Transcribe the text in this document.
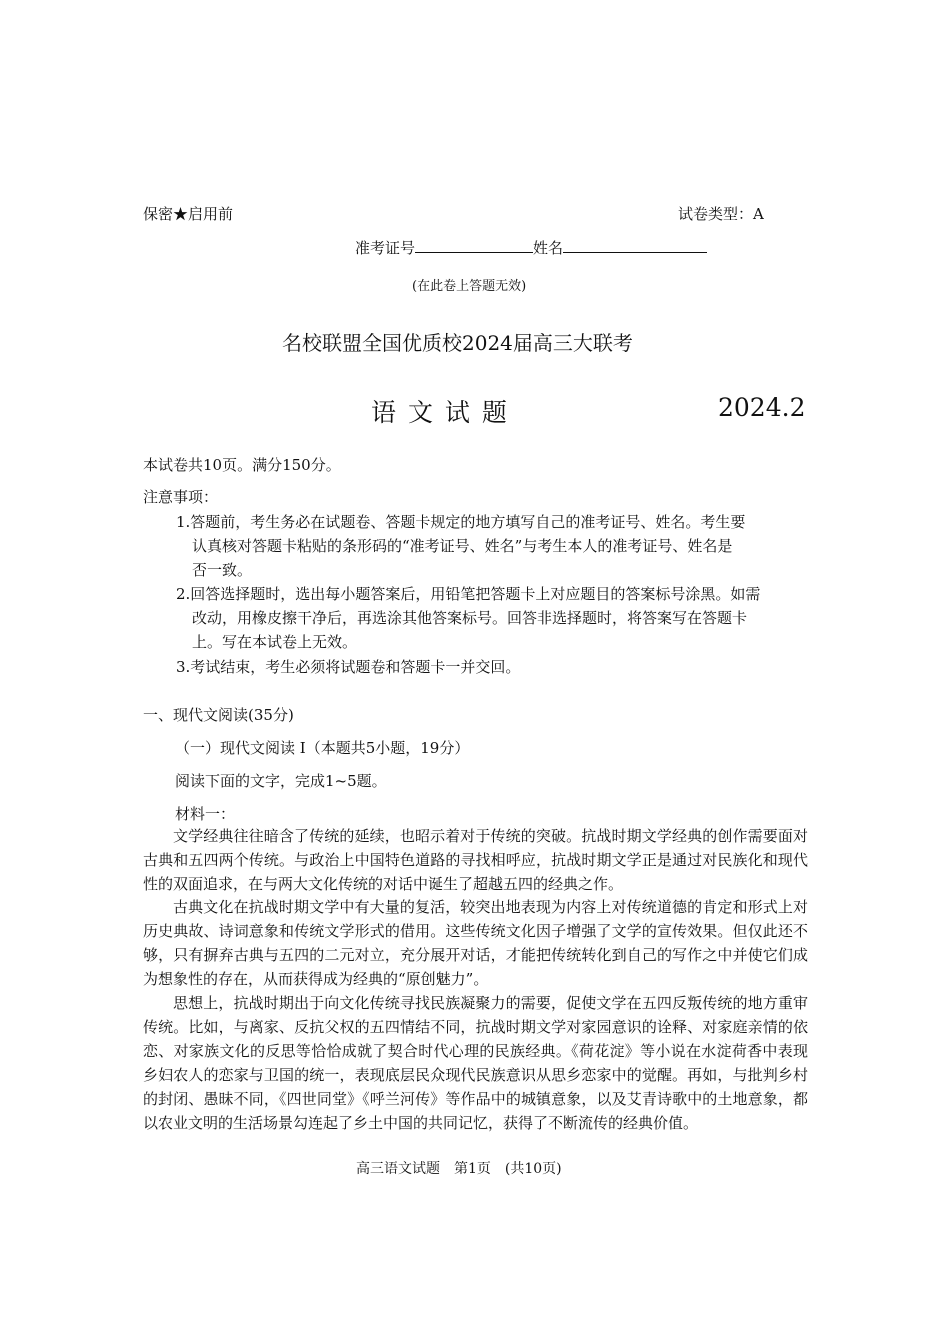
保密★启用前	试卷类型：A
准考证号	姓名
(在此卷上答题无效)
名校联盟全国优质校2024届高三大联考
语 文 试 题	2024.2
本试卷共10页。满分150分。
注意事项：
1.答题前，考生务必在试题卷、答题卡规定的地方填写自己的准考证号、姓名。考生要
认真核对答题卡粘贴的条形码的“准考证号、姓名”与考生本人的准考证号、姓名是
否一致。
2.回答选择题时，选出每小题答案后，用铅笔把答题卡上对应题目的答案标号涂黑。如需
改动，用橡皮擦干净后，再选涂其他答案标号。回答非选择题时，将答案写在答题卡
上。写在本试卷上无效。
3.考试结束，考生必须将试题卷和答题卡一并交回。
一、现代文阅读(35分)
（一）现代文阅读 Ⅰ（本题共5小题，19分）
阅读下面的文字，完成1~5题。
材料一：
文学经典往往暗含了传统的延续，也昭示着对于传统的突破。抗战时期文学经典的创作需要面对古典和五四两个传统。与政治上中国特色道路的寻找相呼应，抗战时期文学正是通过对民族化和现代性的双面追求，在与两大文化传统的对话中诞生了超越五四的经典之作。
古典文化在抗战时期文学中有大量的复活，较突出地表现为内容上对传统道德的肯定和形式上对历史典故、诗词意象和传统文学形式的借用。这些传统文化因子增强了文学的宣传效果。但仅此还不够，只有摒弃古典与五四的二元对立，充分展开对话，才能把传统转化到自己的写作之中并使它们成为想象性的存在，从而获得成为经典的“原创魅力”。
思想上，抗战时期出于向文化传统寻找民族凝聚力的需要，促使文学在五四反叛传统的地方重审传统。比如，与离家、反抗父权的五四情结不同，抗战时期文学对家园意识的诠释、对家庭亲情的依恋、对家族文化的反思等恰恰成就了契合时代心理的民族经典。《荷花淀》等小说在水淀荷香中表现乡妇农人的恋家与卫国的统一，表现底层民众现代民族意识从思乡恋家中的觉醒。再如，与批判乡村的封闭、愚昧不同，《四世同堂》《呼兰河传》等作品中的城镇意象，以及艾青诗歌中的土地意象，都以农业文明的生活场景勾连起了乡土中国的共同记忆，获得了不断流传的经典价值。
高三语文试题　第1页　(共10页)
